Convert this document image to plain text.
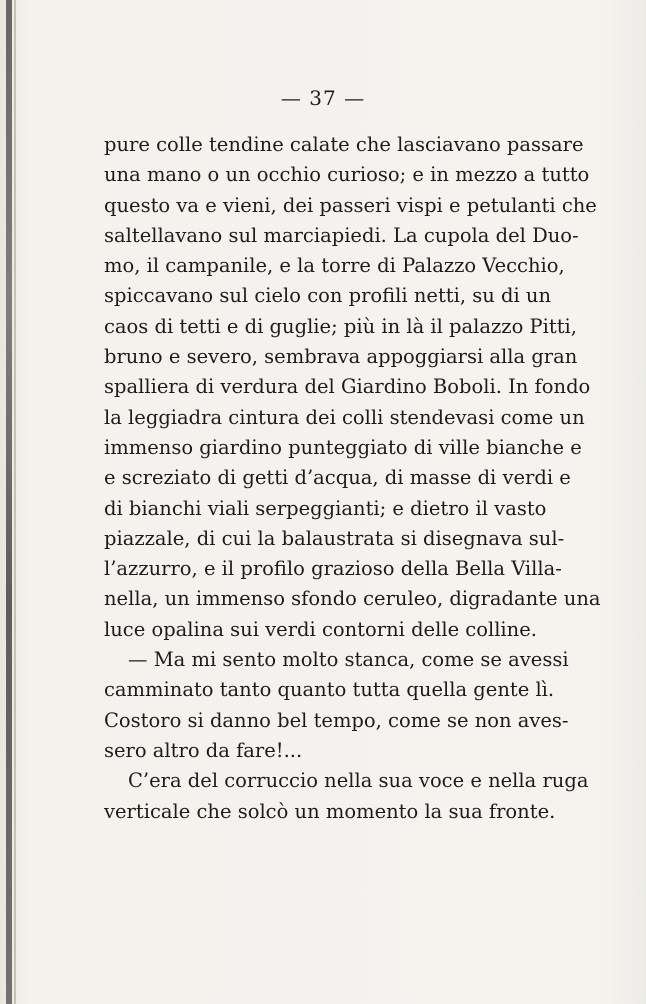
— 37 —
pure colle tendine calate che lasciavano passare
una mano o un occhio curioso; e in mezzo a tutto
questo va e vieni, dei passeri vispi e petulanti che
saltellavano sul marciapiedi. La cupola del Duo-
mo, il campanile, e la torre di Palazzo Vecchio,
spiccavano sul cielo con profili netti, su di un
caos di tetti e di guglie; più in là il palazzo Pitti,
bruno e severo, sembrava appoggiarsi alla gran
spalliera di verdura del Giardino Boboli. In fondo
la leggiadra cintura dei colli stendevasi come un
immenso giardino punteggiato di ville bianche e
e screziato di getti d’acqua, di masse di verdi e
di bianchi viali serpeggianti; e dietro il vasto
piazzale, di cui la balaustrata si disegnava sul-
l’azzurro, e il profilo grazioso della Bella Villa-
nella, un immenso sfondo ceruleo, digradante una
luce opalina sui verdi contorni delle colline.
— Ma mi sento molto stanca, come se avessi
camminato tanto quanto tutta quella gente lì.
Costoro si danno bel tempo, come se non aves-
sero altro da fare!...
C’era del corruccio nella sua voce e nella ruga
verticale che solcò un momento la sua fronte.
